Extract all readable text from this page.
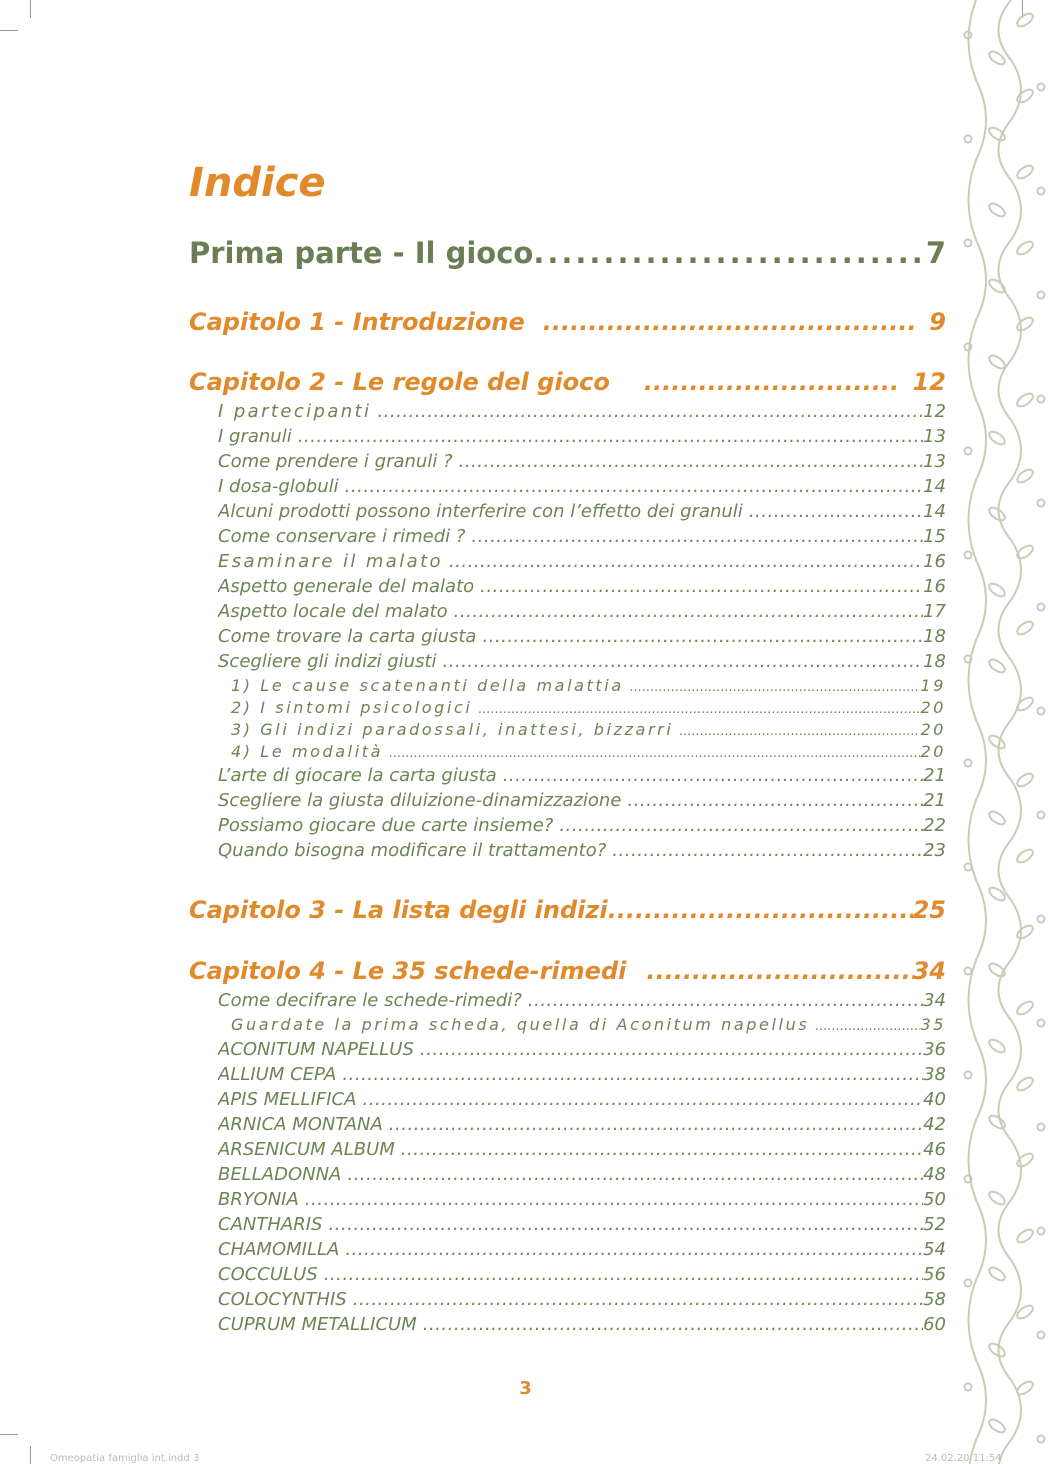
Indice
Prima parte - Il gioco .....	7
Capitolo 1 - Introduzione .....	9
Capitolo 2 - Le regole del gioco .....	12
I partecipanti .....	12
I granuli .....	13
Come prendere i granuli ? .....	13
I dosa-globuli .....	14
Alcuni prodotti possono interferire con l’effetto dei granuli .....	14
Come conservare i rimedi ? .....	15
Esaminare il malato .....	16
Aspetto generale del malato .....	16
Aspetto locale del malato .....	17
Come trovare la carta giusta .....	18
Scegliere gli indizi giusti .....	18
1) Le cause scatenanti della malattia .....	19
2) I sintomi psicologici .....	20
3) Gli indizi paradossali, inattesi, bizzarri .....	20
4) Le modalità .....	20
L’arte di giocare la carta giusta .....	21
Scegliere la giusta diluizione-dinamizzazione .....	21
Possiamo giocare due carte insieme? .....	22
Quando bisogna modificare il trattamento? .....	23
Capitolo 3 - La lista degli indizi .....	25
Capitolo 4 - Le 35 schede-rimedi .....	34
Come decifrare le schede-rimedi? .....	34
Guardate la prima scheda, quella di Aconitum napellus .....	35
ACONITUM NAPELLUS .....	36
ALLIUM CEPA .....	38
APIS MELLIFICA .....	40
ARNICA MONTANA .....	42
ARSENICUM ALBUM .....	46
BELLADONNA .....	48
BRYONIA .....	50
CANTHARIS .....	52
CHAMOMILLA .....	54
COCCULUS .....	56
COLOCYNTHIS .....	58
CUPRUM METALLICUM .....	60
3
Omeopatia famiglia int.indd 3	24.02.20 11:54
